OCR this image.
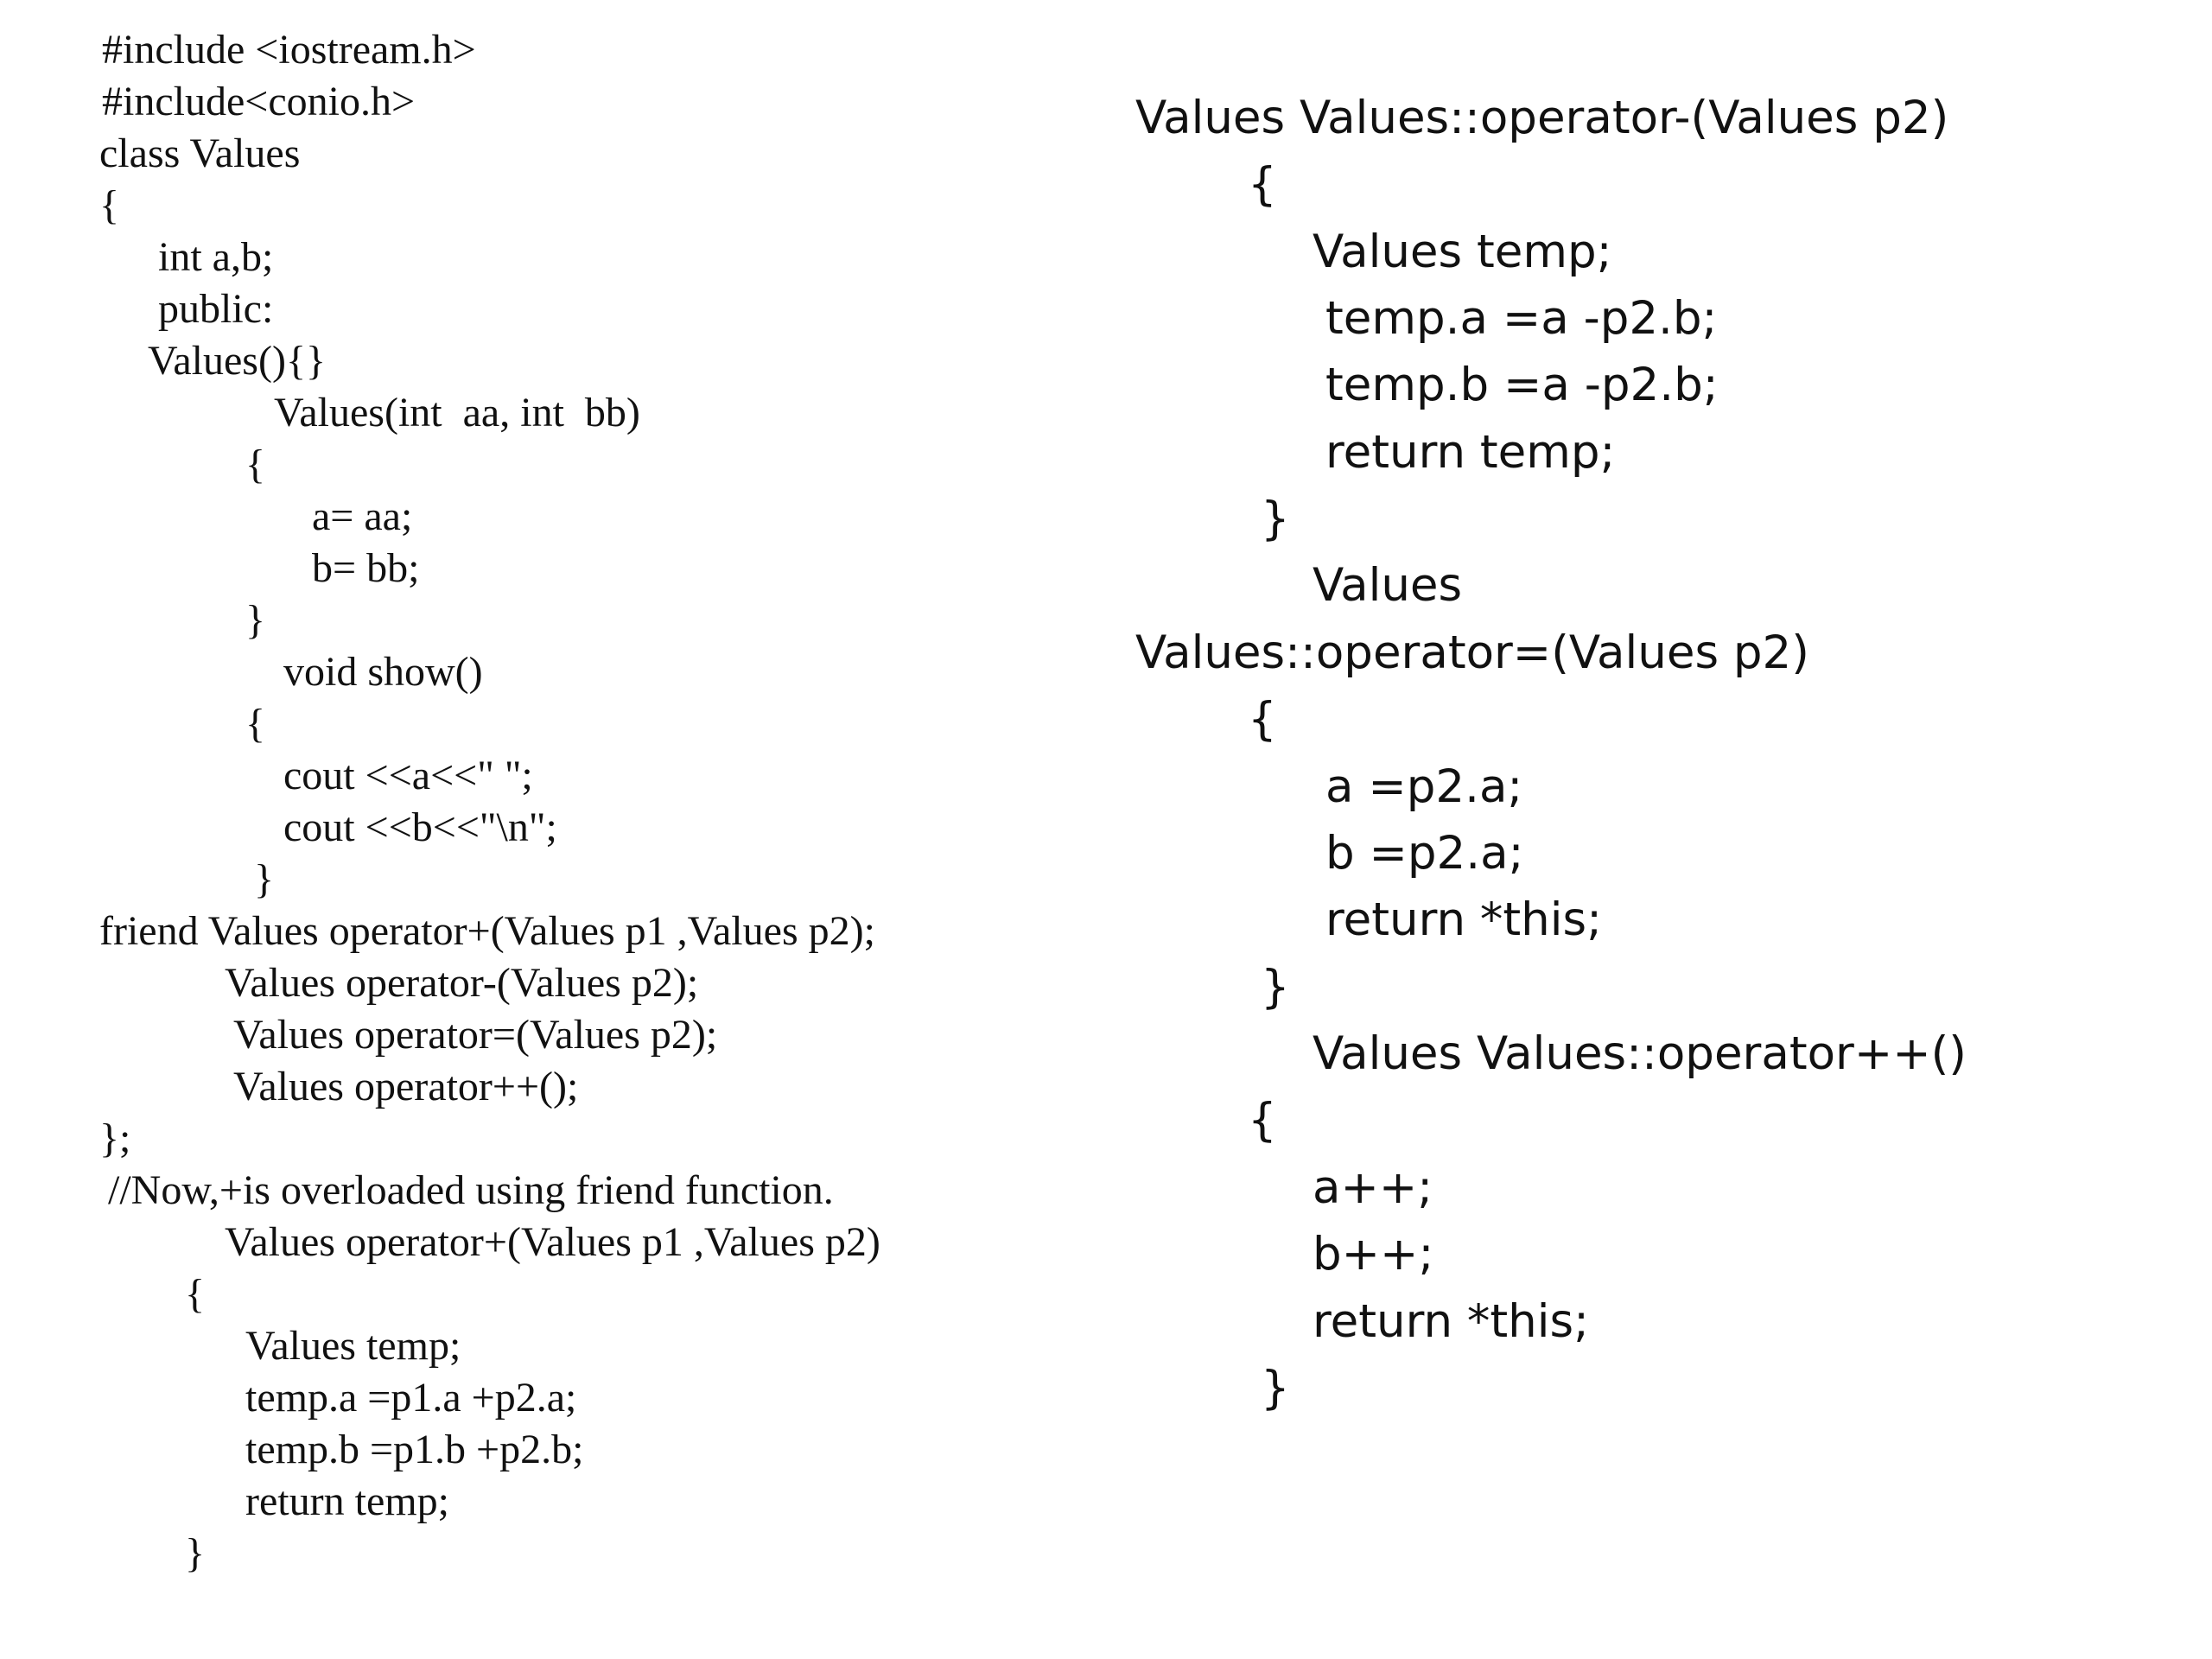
#include <iostream.h>
#include<conio.h>
class Values
{
int a,b;
public:
Values(){}
Values(int  aa, int  bb)
{
a= aa;
b= bb;
}
void show()
{
cout <<a<<" ";
cout <<b<<"\n";
}
friend Values operator+(Values p1 ,Values p2);
Values operator-(Values p2);
Values operator=(Values p2);
Values operator++();
};
//Now,+is overloaded using friend function.
Values operator+(Values p1 ,Values p2)
{
Values temp;
temp.a =p1.a +p2.a;
temp.b =p1.b +p2.b;
return temp;
}
Values Values::operator-(Values p2)
{
Values temp;
temp.a =a -p2.b;
temp.b =a -p2.b;
return temp;
}
Values
Values::operator=(Values p2)
{
a =p2.a;
b =p2.a;
return *this;
}
Values Values::operator++()
{
a++;
b++;
return *this;
}
